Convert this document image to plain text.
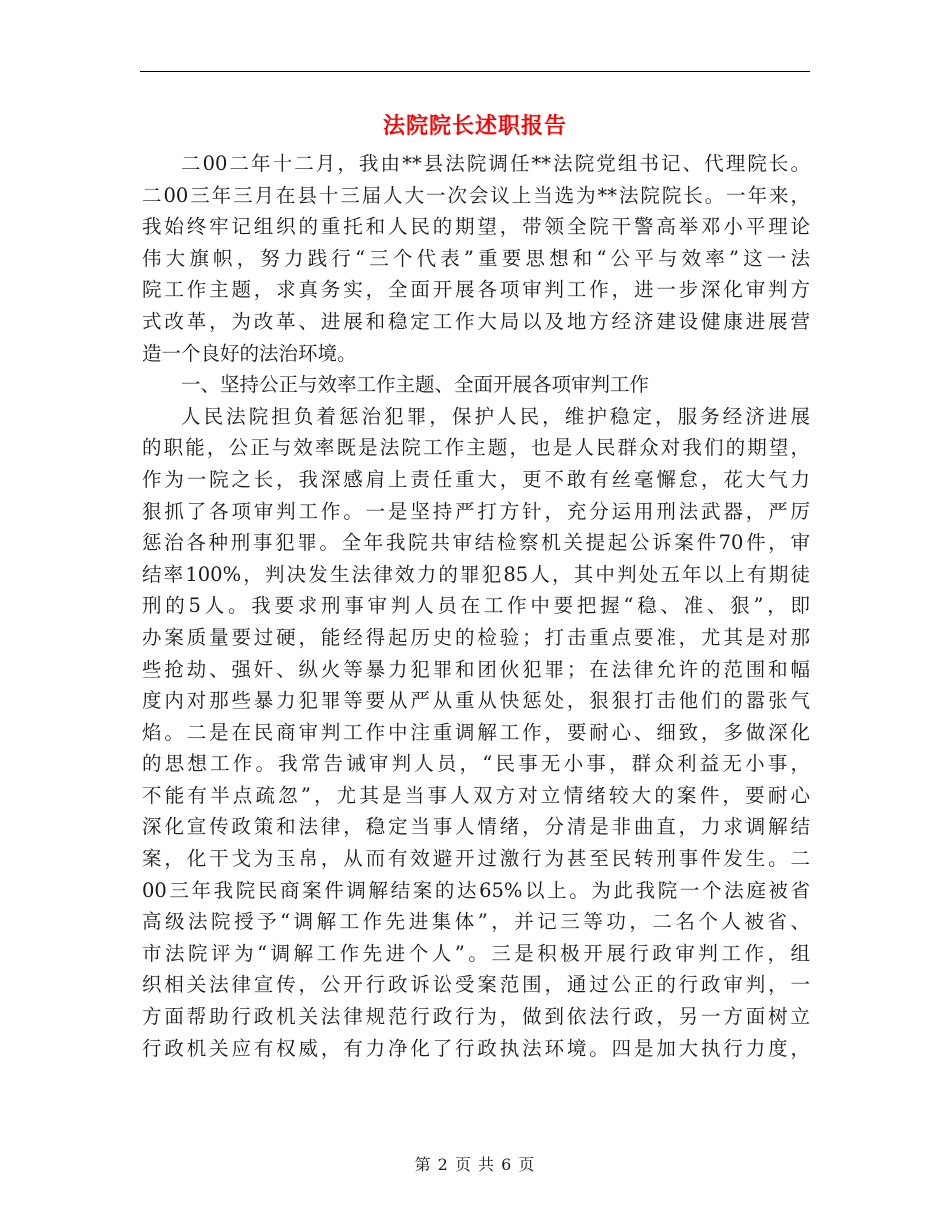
法院院长述职报告
二00二年十二月，我由**县法院调任**法院党组书记、代理院长。
二00三年三月在县十三届人大一次会议上当选为**法院院长。一年来，
我始终牢记组织的重托和人民的期望，带领全院干警高举邓小平理论
伟大旗帜，努力践行“三个代表”重要思想和“公平与效率”这一法
院工作主题，求真务实，全面开展各项审判工作，进一步深化审判方
式改革，为改革、进展和稳定工作大局以及地方经济建设健康进展营
造一个良好的法治环境。
一、坚持公正与效率工作主题、全面开展各项审判工作
人民法院担负着惩治犯罪，保护人民，维护稳定，服务经济进展
的职能，公正与效率既是法院工作主题，也是人民群众对我们的期望，
作为一院之长，我深感肩上责任重大，更不敢有丝毫懈怠，花大气力
狠抓了各项审判工作。一是坚持严打方针，充分运用刑法武器，严厉
惩治各种刑事犯罪。全年我院共审结检察机关提起公诉案件70件，审
结率100%，判决发生法律效力的罪犯85人，其中判处五年以上有期徒
刑的5人。我要求刑事审判人员在工作中要把握“稳、准、狠”，即
办案质量要过硬，能经得起历史的检验；打击重点要准，尤其是对那
些抢劫、强奸、纵火等暴力犯罪和团伙犯罪；在法律允许的范围和幅
度内对那些暴力犯罪等要从严从重从快惩处，狠狠打击他们的嚣张气
焰。二是在民商审判工作中注重调解工作，要耐心、细致，多做深化
的思想工作。我常告诫审判人员，“民事无小事，群众利益无小事，
不能有半点疏忽”，尤其是当事人双方对立情绪较大的案件，要耐心
深化宣传政策和法律，稳定当事人情绪，分清是非曲直，力求调解结
案，化干戈为玉帛，从而有效避开过激行为甚至民转刑事件发生。二
00三年我院民商案件调解结案的达65%以上。为此我院一个法庭被省
高级法院授予“调解工作先进集体”，并记三等功，二名个人被省、
市法院评为“调解工作先进个人”。三是积极开展行政审判工作，组
织相关法律宣传，公开行政诉讼受案范围，通过公正的行政审判，一
方面帮助行政机关法律规范行政行为，做到依法行政，另一方面树立
行政机关应有权威，有力净化了行政执法环境。四是加大执行力度，
第 2 页 共 6 页
